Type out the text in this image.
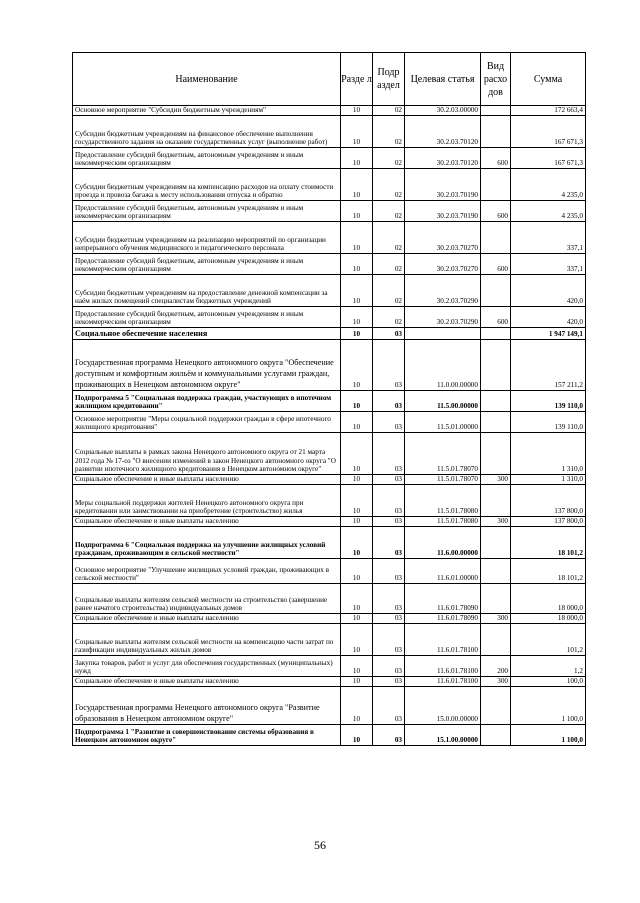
Наименование	Разде л	Подр аздел	Целевая статья	Вид расхо дов	Сумма
Основное мероприятие "Субсидии бюджетным учреждениям"	10	02	30.2.03.00000		172 663,4
Субсидии бюджетным учреждениям на финансовое обеспечение выполнения государственного задания на оказание государственных услуг (выполнение работ)	10	02	30.2.03.70120		167 671,3
Предоставление субсидий бюджетным, автономным учреждениям и иным некоммерческим организациям	10	02	30.2.03.70120	600	167 671,3
Субсидии бюджетным учреждениям на компенсацию расходов на оплату стоимости проезда и провоза багажа к месту использования отпуска и обратно	10	02	30.2.03.70190		4 235,0
Предоставление субсидий бюджетным, автономным учреждениям и иным некоммерческим организациям	10	02	30.2.03.70190	600	4 235,0
Субсидии бюджетным учреждениям на реализацию мероприятий по организации непрерывного обучения медицинского и педагогического персонала	10	02	30.2.03.70270		337,1
Предоставление субсидий бюджетным, автономным учреждениям и иным некоммерческим организациям	10	02	30.2.03.70270	600	337,1
Субсидии бюджетным учреждениям на предоставление денежной компенсации за наём жилых помещений специалистам бюджетных учреждений	10	02	30.2.03.70290		420,0
Предоставление субсидий бюджетным, автономным учреждениям и иным некоммерческим организациям	10	02	30.2.03.70290	600	420,0
Социальное обеспечение населения	10	03			1 947 149,1
Государственная программа Ненецкого автономного округа "Обеспечение доступным и комфортным жильём и коммунальными услугами граждан, проживающих в Ненецком автономном округе"	10	03	11.0.00.00000		157 211,2
Подпрограмма 5 "Социальная поддержка граждан, участвующих в ипотечном жилищном кредитовании"	10	03	11.5.00.00000		139 110,0
Основное мероприятие "Меры социальной поддержки граждан в сфере ипотечного жилищного кредитования"	10	03	11.5.01.00000		139 110,0
Социальные выплаты в рамках закона Ненецкого автономного округа от 21 марта 2012 года № 17-оз "О внесении изменений в закон Ненецкого автономного округа "О развитии ипотечного жилищного кредитования в Ненецком автономном округе"	10	03	11.5.01.78070		1 310,0
Социальное обеспечение и иные выплаты населению	10	03	11.5.01.78070	300	1 310,0
Меры социальной поддержки жителей Ненецкого автономного округа при кредитовании или заимствовании на приобретение (строительство) жилья	10	03	11.5.01.78080		137 800,0
Социальное обеспечение и иные выплаты населению	10	03	11.5.01.78080	300	137 800,0
Подпрограмма 6 "Социальная поддержка на улучшение жилищных условий гражданам, проживающим в сельской местности"	10	03	11.6.00.00000		18 101,2
Основное мероприятие "Улучшение жилищных условий граждан, проживающих в сельской местности"	10	03	11.6.01.00000		18 101,2
Социальные выплаты жителям сельской местности на строительство (завершение ранее начатого строительства) индивидуальных домов	10	03	11.6.01.78090		18 000,0
Социальное обеспечение и иные выплаты населению	10	03	11.6.01.78090	300	18 000,0
Социальные выплаты жителям сельской местности на компенсацию части затрат по газификации индивидуальных жилых домов	10	03	11.6.01.78100		101,2
Закупка товаров, работ и услуг для обеспечения государственных (муниципальных) нужд	10	03	11.6.01.78100	200	1,2
Социальное обеспечение и иные выплаты населению	10	03	11.6.01.78100	300	100,0
Государственная программа Ненецкого автономного округа "Развитие образования в Ненецком автономном округе"	10	03	15.0.00.00000		1 100,0
Подпрограмма 1 "Развитие и совершенствование системы образования в Ненецком автономном округе"	10	03	15.1.00.00000		1 100,0
56
